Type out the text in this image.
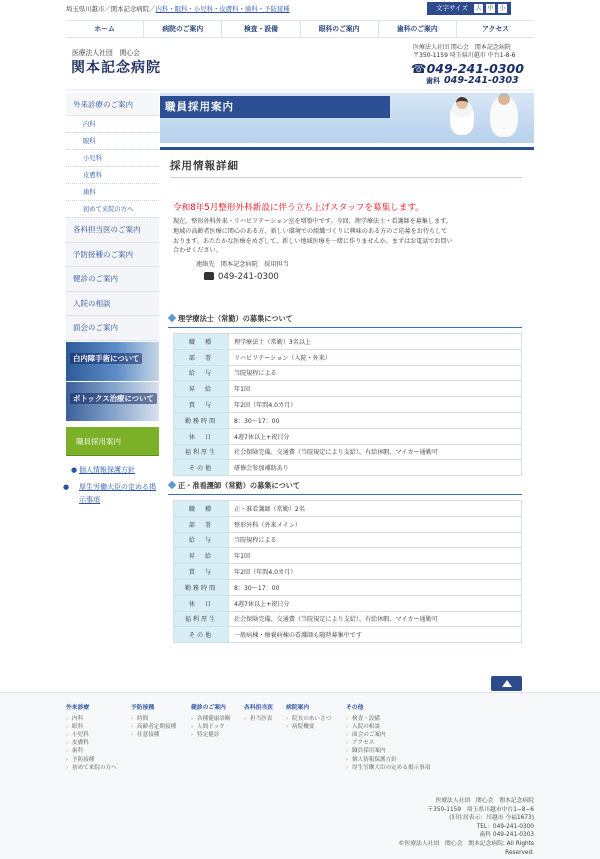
埼玉県川越市／関本記念病院／内科・眼科・小児科・皮膚科・歯科・予防接種	文字サイズ 大 中 小
ホーム	病院のご案内	検査・設備	眼科のご案内	歯科のご案内	アクセス
医療法人社団　関心会
関本記念病院
医療法人社団 関心会　関本記念病院
〒350-1159 埼玉県川越市 中台1-8-6
☎049-241-0300
歯科 049-241-0303
外来診療のご案内
内科
眼科
小児科
皮膚科
歯科
初めて来院の方へ
各科担当医のご案内
予防接種のご案内
健診のご案内
入院の相談
面会のご案内
白内障手術について
ボトックス治療について
職員採用案内
● 個人情報保護方針
● 厚生労働大臣の定める掲示事項
職員採用案内
採用情報詳細
令和8年5月整形外科新設に伴う立ち上げスタッフを募集します。
現在、整形外科外来・リハビリテーション室を増築中です。今回、理学療法士・看護師を募集します。地域の高齢者医療に関心のある方、新しい環境での組織づくりに興味のある方のご応募をお待ちしております。あたたかな医療をめざして、新しい地域医療を一緒に作りませんか。まずはお電話でお問い合わせください。
連絡先　関本記念病院　採用担当
049-241-0300
理学療法士（常勤）の募集について
職　種	理学療法士（常勤）3名以上
部　署	リハビリテーション（入院・外来）
給　与	当院規程による
昇　給	年1回
賞　与	年2回（年間4.0カ月）
勤務時間	8：30〜17：00
休　日	4週7休以上+祝日分
福利厚生	社会保険完備、交通費（当院規定により支給）、有給休暇、マイカー通勤可
その他	研修会参加補助あり
正・准看護師（常勤）の募集について
職　種	正・准看護師（常勤）2名
部　署	整形外科（外来メイン）
給　与	当院規程による
昇　給	年1回
賞　与	年2回（年間4.0カ月）
勤務時間	8：30〜17：00
休　日	4週7休以上+祝日分
福利厚生	社会保険完備、交通費（当院規定により支給）、有給休暇、マイカー通勤可
その他	一般病棟・療養病棟の看護師も随時募集中です
外来診療
› 内科
› 眼科
› 小児科
› 皮膚科
› 歯科
› 予防接種
› 初めて来院の方へ
予防接種
› 時間
› 高齢者定期接種
› 任意接種
健診のご案内
› 各種健康診断
› 人間ドック
› 特定健診
各科担当医
› 担当医表
病院案内
› 院長のあいさつ
› 病院概要
その他
› 検査・設備
› 入院の相談
› 面会のご案内
› アクセス
› 職員採用案内
› 個人情報保護方針
› 厚生労働大臣の定める掲示事項
医療法人社団　関心会　関本記念病院
〒350-1159　埼玉県川越市中台1−8−6
(旧住居表示：川越市 今福1673)
TEL：049-241-0300
歯科 049-241-0303
©医療法人社団　関心会　関本記念病院. All Rights Reserved.
